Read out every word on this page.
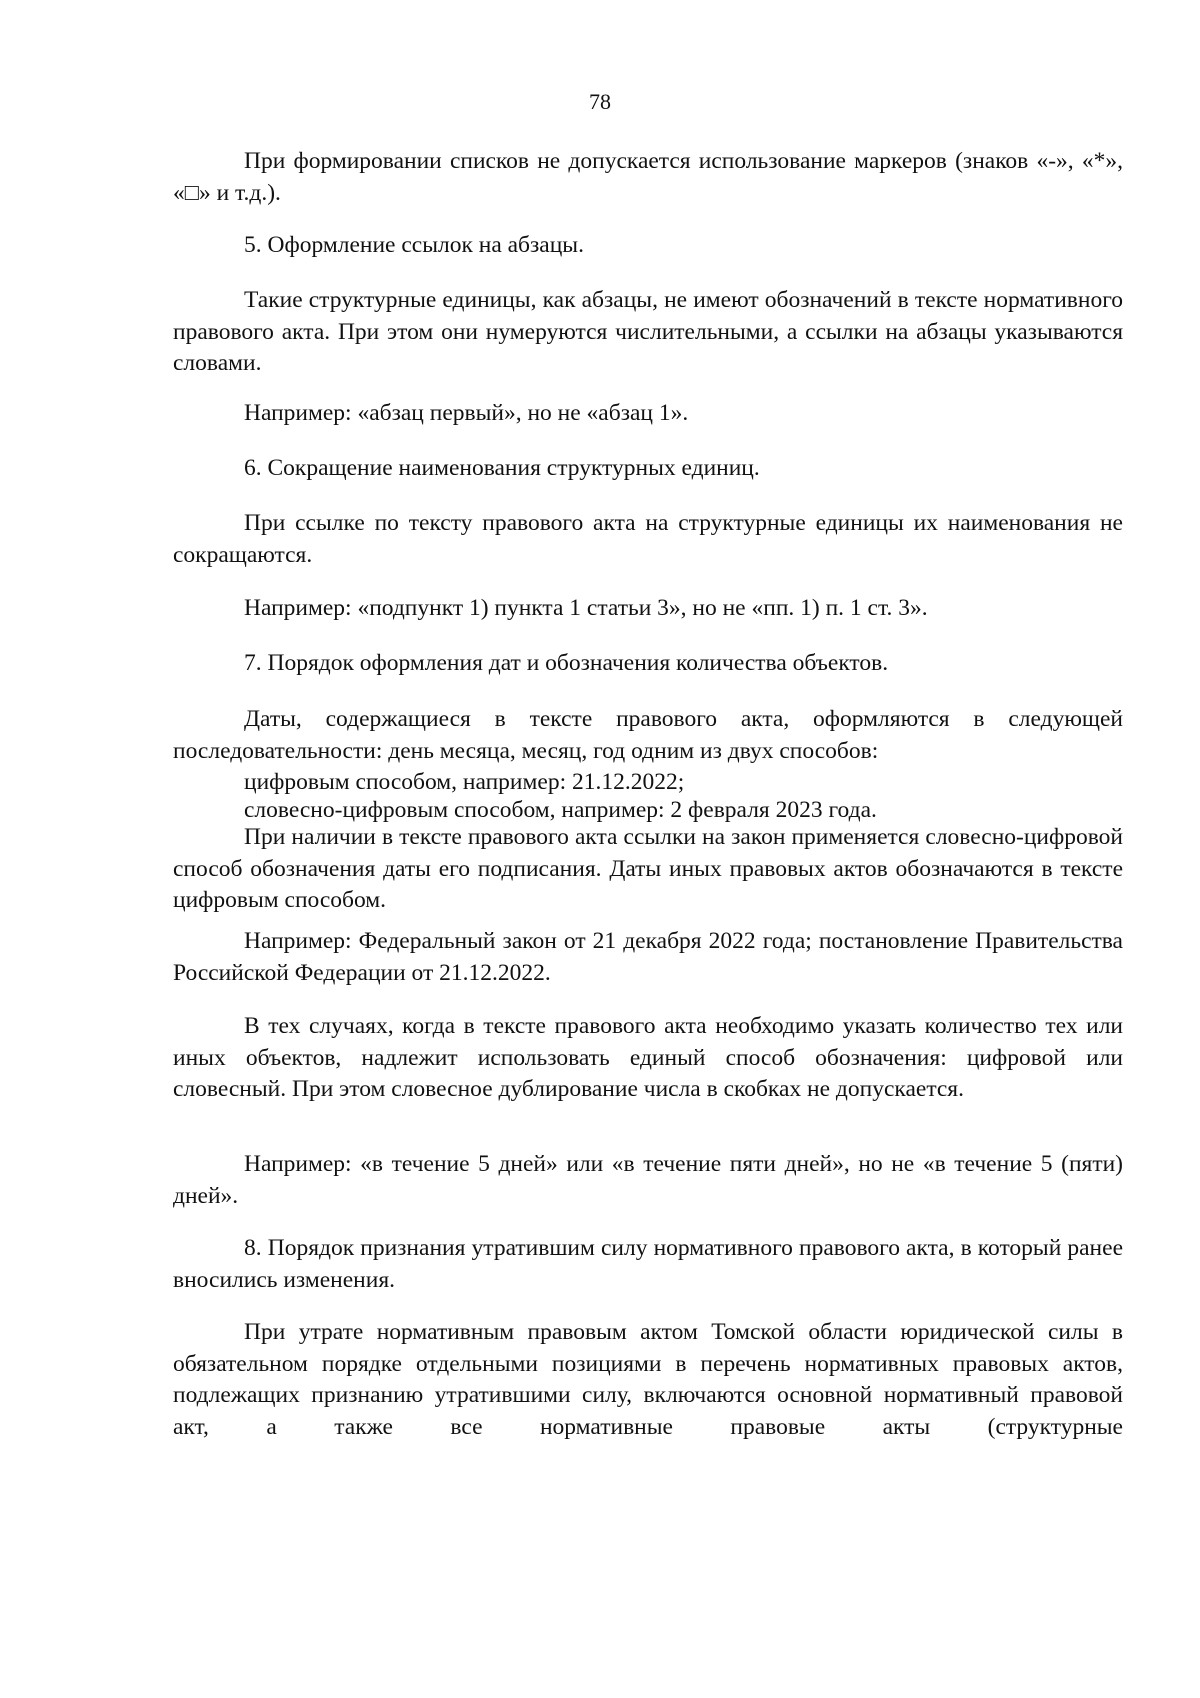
78

При формировании списков не допускается использование маркеров (знаков «-», «*», «□» и т.д.).

5. Оформление ссылок на абзацы.

Такие структурные единицы, как абзацы, не имеют обозначений в тексте нормативного правового акта. При этом они нумеруются числительными, а ссылки на абзацы указываются словами.

Например: «абзац первый», но не «абзац 1».

6. Сокращение наименования структурных единиц.

При ссылке по тексту правового акта на структурные единицы их наименования не сокращаются.

Например: «подпункт 1) пункта 1 статьи 3», но не «пп. 1) п. 1 ст. 3».

7. Порядок оформления дат и обозначения количества объектов.

Даты, содержащиеся в тексте правового акта, оформляются в следующей последовательности: день месяца, месяц, год одним из двух способов:

цифровым способом, например: 21.12.2022;

словесно-цифровым способом, например: 2 февраля 2023 года.

При наличии в тексте правового акта ссылки на закон применяется словесно-цифровой способ обозначения даты его подписания. Даты иных правовых актов обозначаются в тексте цифровым способом.

Например: Федеральный закон от 21 декабря 2022 года; постановление Правительства Российской Федерации от 21.12.2022.

В тех случаях, когда в тексте правового акта необходимо указать количество тех или иных объектов, надлежит использовать единый способ обозначения: цифровой или словесный. При этом словесное дублирование числа в скобках не допускается.

Например: «в течение 5 дней» или «в течение пяти дней», но не «в течение 5 (пяти) дней».

8. Порядок признания утратившим силу нормативного правового акта, в который ранее вносились изменения.

При утрате нормативным правовым актом Томской области юридической силы в обязательном порядке отдельными позициями в перечень нормативных правовых актов, подлежащих признанию утратившими силу, включаются основной нормативный правовой акт, а также все нормативные правовые акты (структурные
